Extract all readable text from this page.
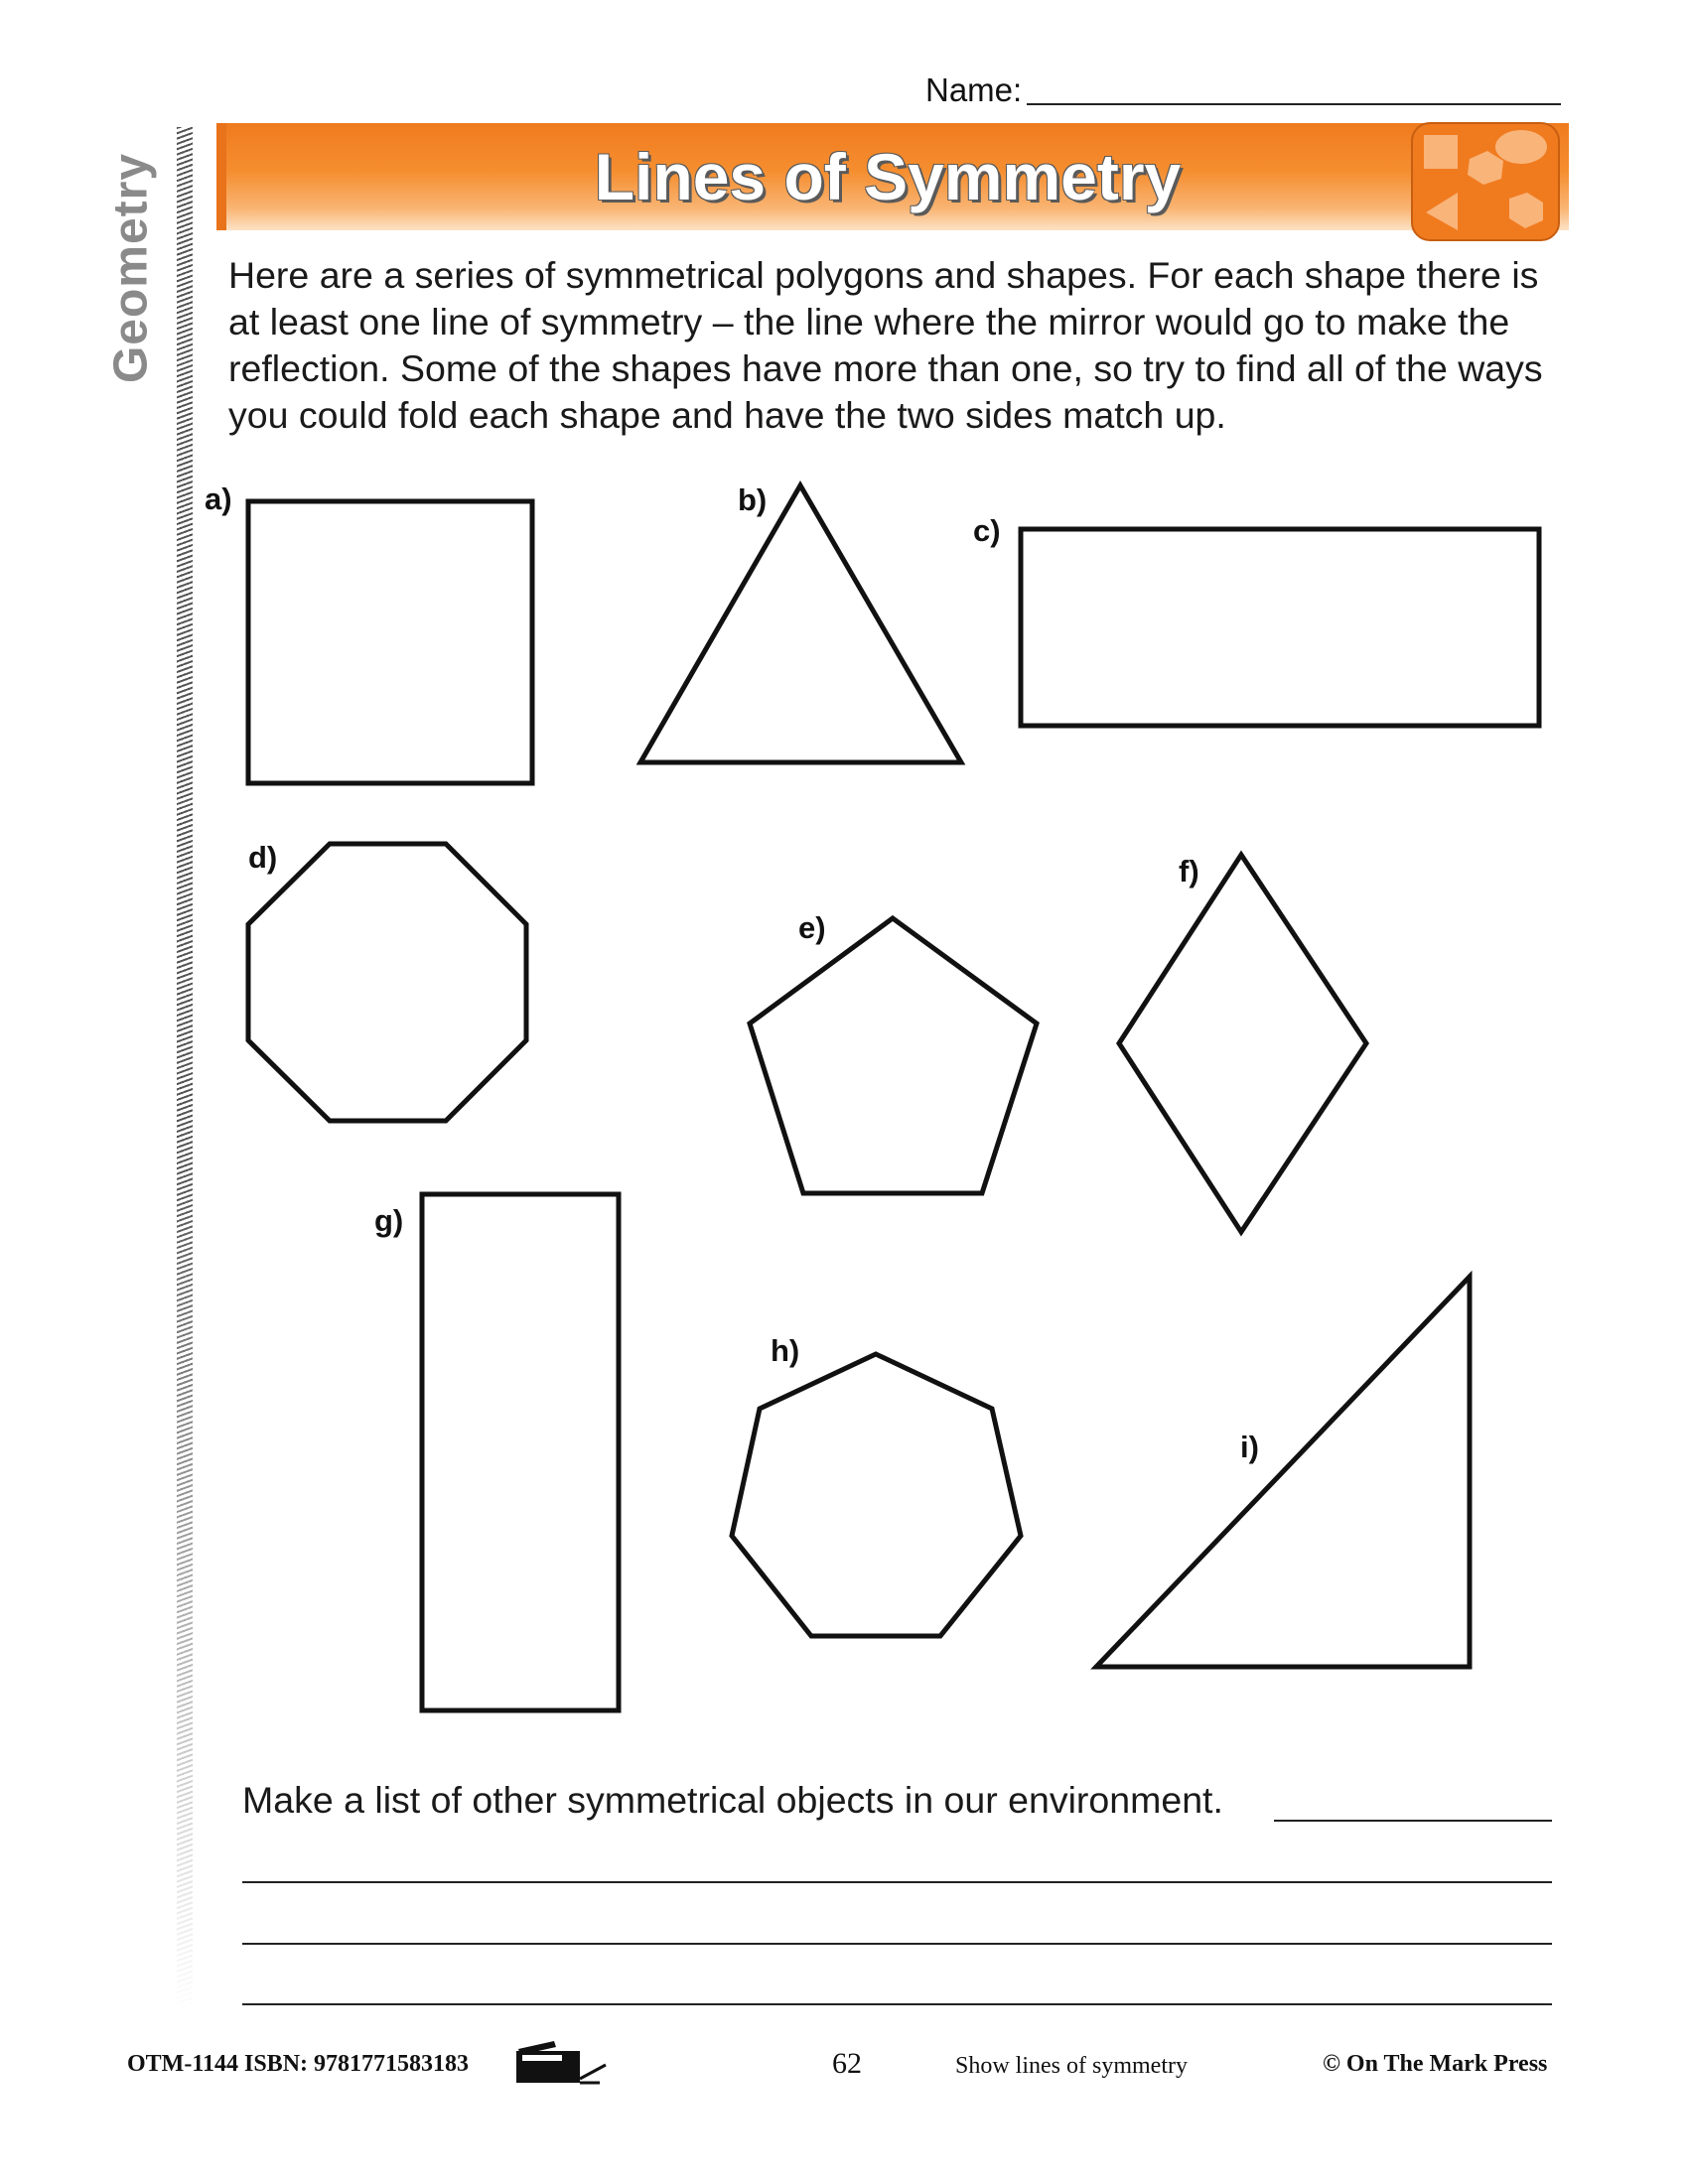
Name:
Geometry	Lines of Symmetry
Here are a series of symmetrical polygons and shapes. For each shape there is at least one line of symmetry – the line where the mirror would go to make the reflection. Some of the shapes have more than one, so try to find all of the ways you could fold each shape and have the two sides match up.
a)	b)
c)
d)
e)
f)
g)
h)
i)
Make a list of other symmetrical objects in our environment.
OTM-1144 ISBN: 9781771583183	62	Show lines of symmetry	© On The Mark Press
